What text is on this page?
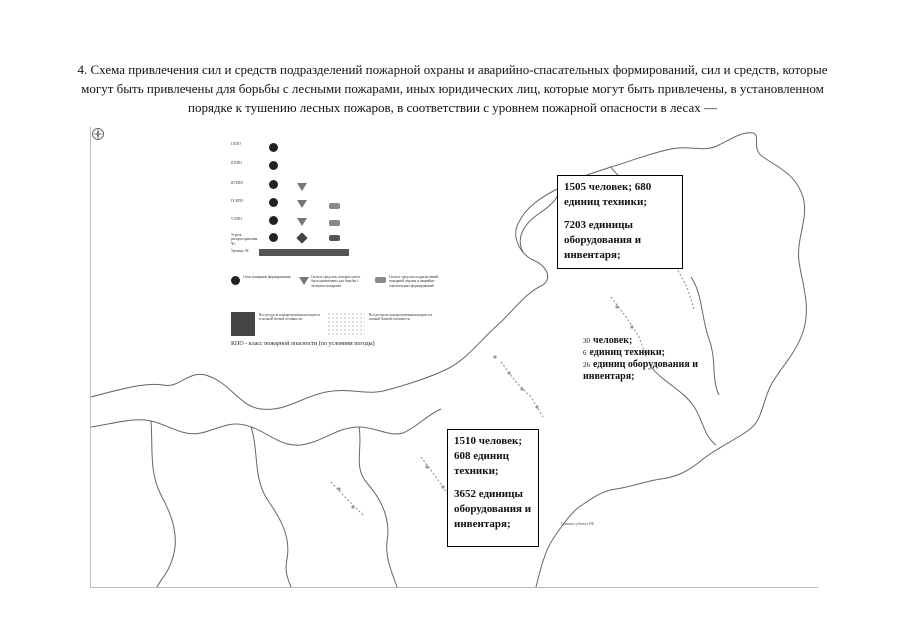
4. Схема привлечения сил и средств подразделений пожарной охраны и аварийно-спасательных формирований, сил и средств, которые могут быть привлечены для борьбы с лесными пожарами, иных юридических лиц, которые могут быть привлечены, в установленном порядке к тушению лесных пожаров, в соответствии с уровнем пожарной опасности в лесах —
I КПО
II КПО
III КПО
IV КПО
V КПО
Угроза распространения ЧС
Уровень ЧС
Свои пожарные формирования	Силы и средства, которые могут быть привлечены для борьбы с лесными пожарами
Силы и средства подразделений пожарной охраны и аварийно-спасательных формирований
Все ресурсы пожаротушения находятся в полной боевой готовности
Все ресурсы пожаротушения находятся в полной боевой готовности
КПО - класс пожарной опасности (по условиям погоды)
Граница субъекта РФ

1505 человек; 680 единиц техники;

7203 единицы оборудования и инвентаря;

30 человек;
6 единиц техники;
26 единиц оборудования и инвентаря;

1510 человек; 608 единиц техники;

3652 единицы оборудования и инвентаря;
